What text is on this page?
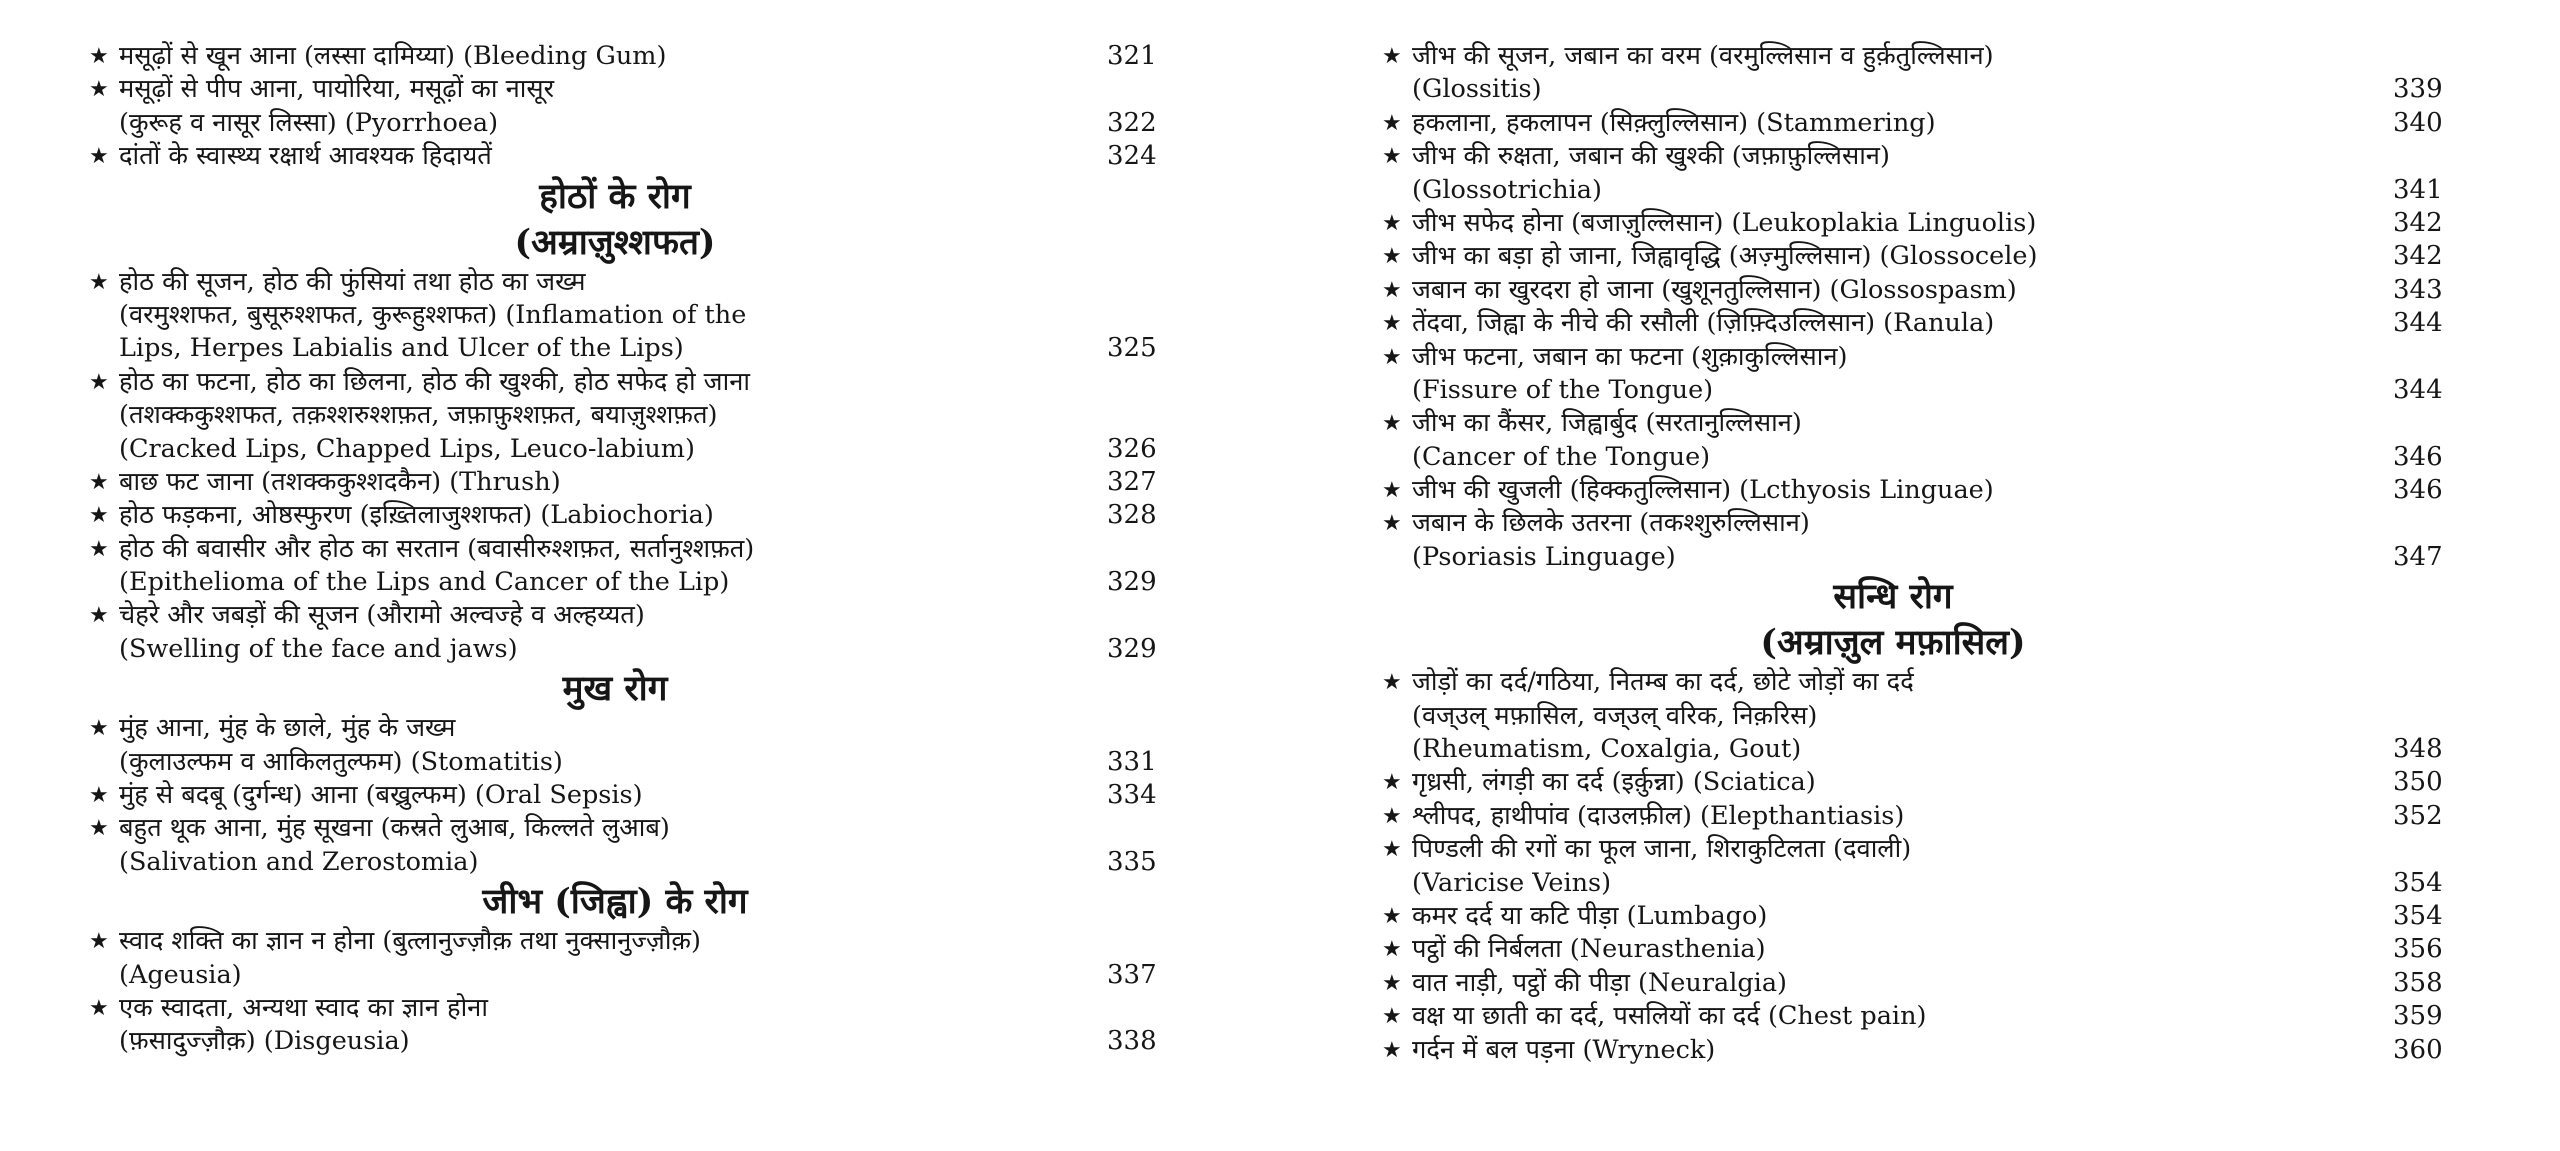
★ मसूढ़ों से खून आना (लस्सा दामिय्या) (Bleeding Gum)	321
★ मसूढ़ों से पीप आना, पायोरिया, मसूढ़ों का नासूर
(कुरूह व नासूर लिस्सा) (Pyorrhoea)	322
★ दांतों के स्वास्थ्य रक्षार्थ आवश्यक हिदायतें	324
होठों के रोग
(अम्राज़ुश्शफत)
★ होठ की सूजन, होठ की फुंसियां तथा होठ का जख्म
(वरमुश्शफत, बुसूरुश्शफत, कुरूहुश्शफत) (Inflamation of the
Lips, Herpes Labialis and Ulcer of the Lips)	325
★ होठ का फटना, होठ का छिलना, होठ की खुश्की, होठ सफेद हो जाना
(तशक्ककुश्शफत, तक़श्शरुश्शफ़त, जफ़ाफ़ुश्शफ़त, बयाज़ुश्शफ़त)
(Cracked Lips, Chapped Lips, Leuco-labium)	326
★ बाछ फट जाना (तशक्ककुश्शदकैन) (Thrush)	327
★ होठ फड़कना, ओष्ठस्फुरण (इख़्तिलाजुश्शफत) (Labiochoria)	328
★ होठ की बवासीर और होठ का सरतान (बवासीरुश्शफ़त, सर्तानुश्शफ़त)
(Epithelioma of the Lips and Cancer of the Lip)	329
★ चेहरे और जबड़ों की सूजन (औरामो अल्वज्हे व अल्हय्यत)
(Swelling of the face and jaws)	329
मुख रोग
★ मुंह आना, मुंह के छाले, मुंह के जख्म
(कुलाउल्फम व आकिलतुल्फम) (Stomatitis)	331
★ मुंह से बदबू (दुर्गन्ध) आना (बख्रुल्फम) (Oral Sepsis)	334
★ बहुत थूक आना, मुंह सूखना (कस्रते लुआब, किल्लते लुआब)
(Salivation and Zerostomia)	335
जीभ (जिह्वा) के रोग
★ स्वाद शक्ति का ज्ञान न होना (बुत्लानुज्ज़ौक़ तथा नुक्सानुज्ज़ौक़)
(Ageusia)	337
★ एक स्वादता, अन्यथा स्वाद का ज्ञान होना
(फ़सादुज्ज़ौक़) (Disgeusia)	338
★ जीभ की सूजन, जबान का वरम (वरमुल्लिसान व हुर्क़तुल्लिसान)
(Glossitis)	339
★ हकलाना, हकलापन (सिक़्लुल्लिसान) (Stammering)	340
★ जीभ की रुक्षता, जबान की खुश्की (जफ़ाफ़ुल्लिसान)
(Glossotrichia)	341
★ जीभ सफेद होना (बजाज़ुल्लिसान) (Leukoplakia Linguolis)	342
★ जीभ का बड़ा हो जाना, जिह्वावृद्धि (अज़्मुल्लिसान) (Glossocele)	342
★ जबान का खुरदरा हो जाना (खुशूनतुल्लिसान) (Glossospasm)	343
★ तेंदवा, जिह्वा के नीचे की रसौली (ज़िफ़्दिउल्लिसान) (Ranula)	344
★ जीभ फटना, जबान का फटना (शुक़ाकुल्लिसान)
(Fissure of the Tongue)	344
★ जीभ का कैंसर, जिह्वार्बुद (सरतानुल्लिसान)
(Cancer of the Tongue)	346
★ जीभ की खुजली (हिक्कतुल्लिसान) (Lcthyosis Linguae)	346
★ जबान के छिलके उतरना (तकश्शुरुल्लिसान)
(Psoriasis Linguage)	347
सन्धि रोग
(अम्राज़ुल मफ़ासिल)
★ जोड़ों का दर्द/गठिया, नितम्ब का दर्द, छोटे जोड़ों का दर्द
(वज्उल् मफ़ासिल, वज्उल् वरिक, निक़रिस)
(Rheumatism, Coxalgia, Gout)	348
★ गृध्रसी, लंगड़ी का दर्द (इर्क़ुन्ना) (Sciatica)	350
★ श्लीपद, हाथीपांव (दाउलफ़ील) (Elepthantiasis)	352
★ पिण्डली की रगों का फूल जाना, शिराकुटिलता (दवाली)
(Varicise Veins)	354
★ कमर दर्द या कटि पीड़ा (Lumbago)	354
★ पट्ठों की निर्बलता (Neurasthenia)	356
★ वात नाड़ी, पट्ठों की पीड़ा (Neuralgia)	358
★ वक्ष या छाती का दर्द, पसलियों का दर्द (Chest pain)	359
★ गर्दन में बल पड़ना (Wryneck)	360
